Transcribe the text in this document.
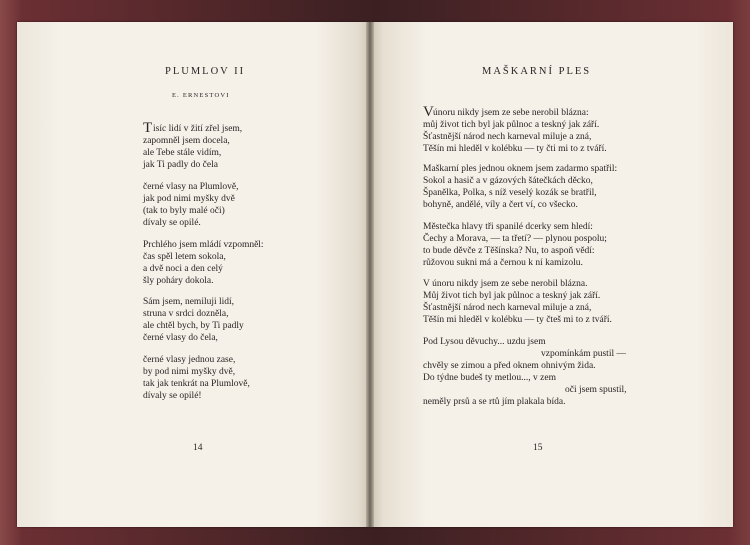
PLUMLOV II
E. ERNESTOVI
T isíc lidí v žití zřel jsem,
zapomněl jsem docela,
ale Tebe stále vidím,
jak Ti padly do čela
černé vlasy na Plumlově,
jak pod nimi myšky dvě
(tak to byly malé oči)
dívaly se opilé.
Prchlého jsem mládí vzpomněl:
čas spěl letem sokola,
a dvě noci a den celý
šly poháry dokola.
Sám jsem, nemiluji lidí,
struna v srdci dozněla,
ale chtěl bych, by Ti padly
černé vlasy do čela,
černé vlasy jednou zase,
by pod nimi myšky dvě,
tak jak tenkrát na Plumlově,
dívaly se opilé!
14
MAŠKARNÍ PLES
V únoru nikdy jsem ze sebe nerobil blázna:
můj život tich byl jak půlnoc a teskný jak září.
Šťastnější národ nech karneval miluje a zná,
Těšín mi hleděl v kolébku — ty čti mi to z tváří.
Maškarní ples jednou oknem jsem zadarmo spatřil:
Sokol a hasič a v gázových šátečkách děcko,
Španělka, Polka, s níž veselý kozák se bratřil,
bohyně, andělé, víly a čert ví, co všecko.
Městečka hlavy tři spanilé dcerky sem hledí:
Čechy a Morava, — ta třetí? — plynou pospolu;
to bude děvče z Těšínska? Nu, to aspoň vědí:
růžovou sukni má a černou k ní kamizolu.
V únoru nikdy jsem ze sebe nerobil blázna.
Můj život tich byl jak půlnoc a teskný jak září.
Šťastnější národ nech karneval miluje a zná,
Těšín mi hleděl v kolébku — ty čteš mi to z tváří.
Pod Lysou děvuchy... uzdu jsem
vzpomínkám pustil —
chvěly se zimou a před oknem ohnivým žida.
Do týdne budeš ty metlou..., v zem
oči jsem spustil,
neměly prsů a se rtů jím plakala bída.
15
